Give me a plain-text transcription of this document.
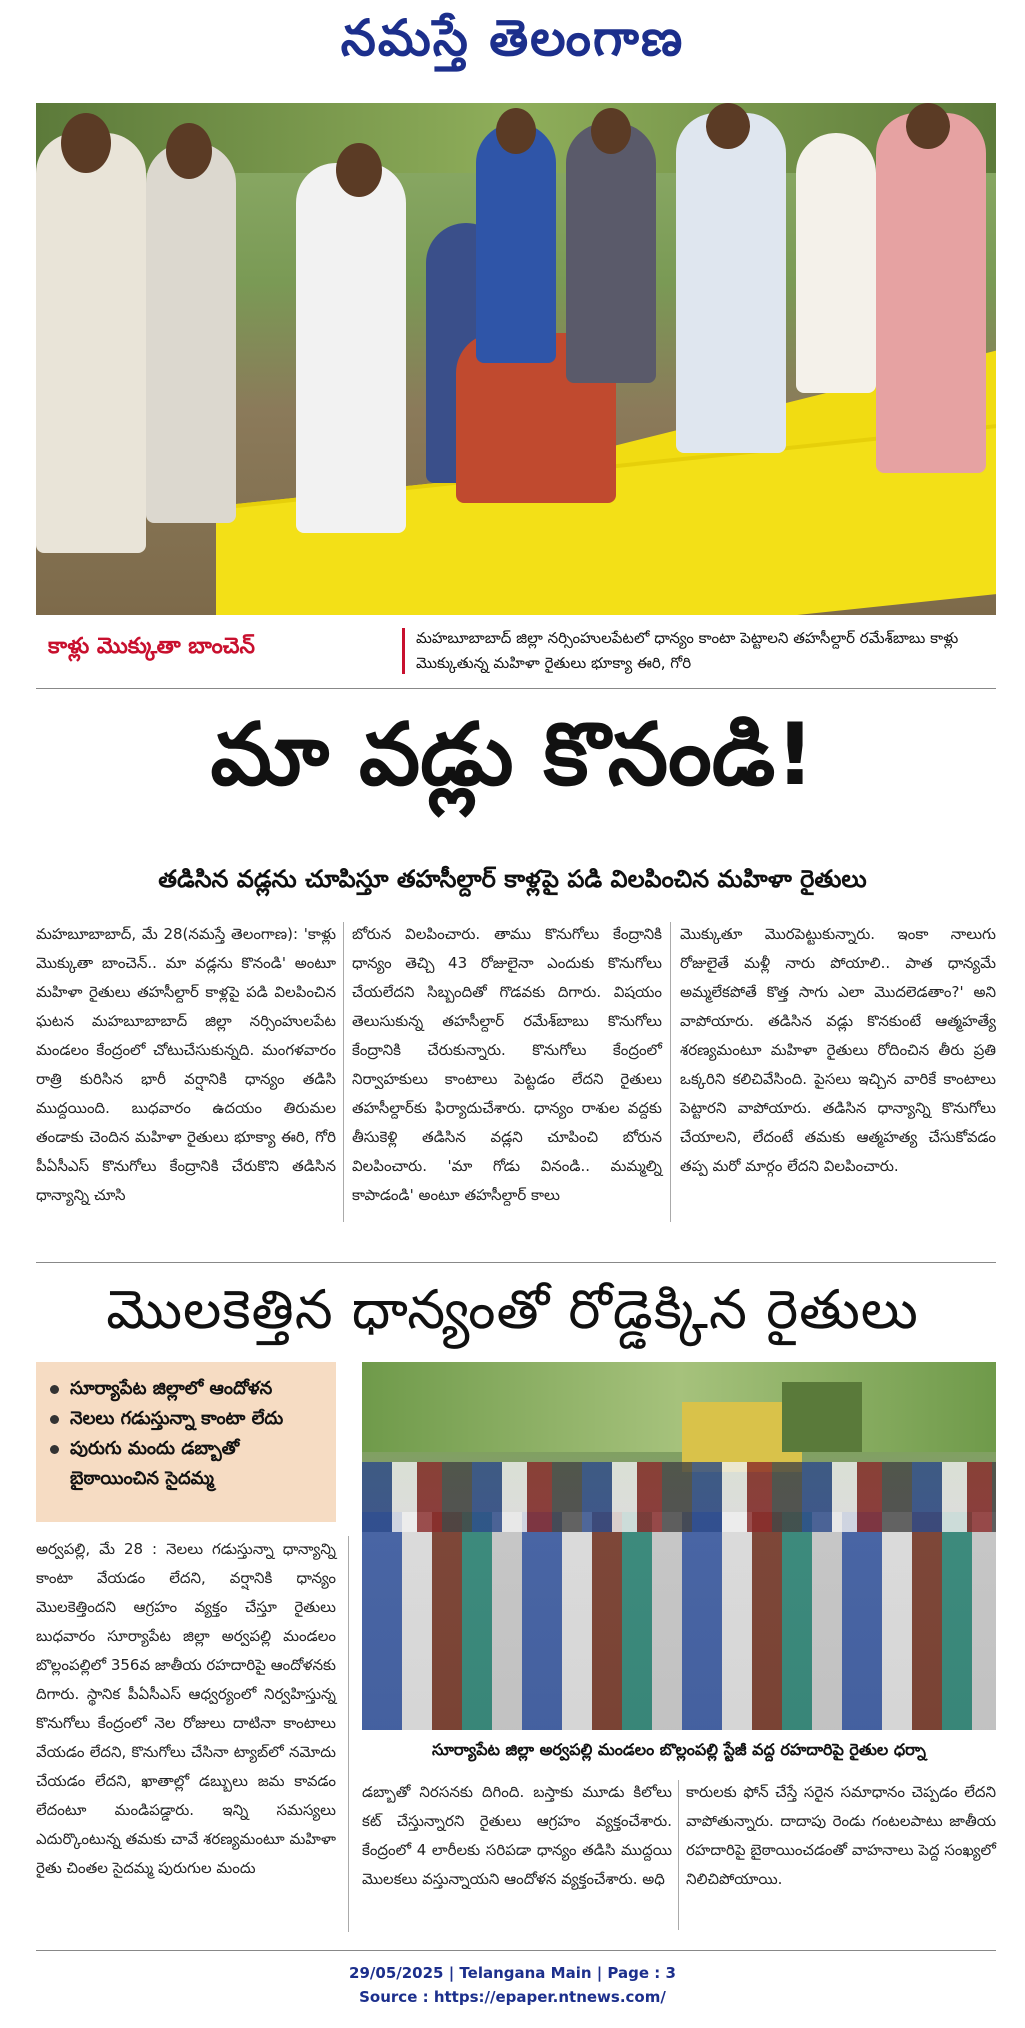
నమస్తే తెలంగాణ
కాళ్లు మొక్కుతా బాంచెన్	మహబూబాబాద్ జిల్లా నర్సింహులపేటలో ధాన్యం కాంటా పెట్టాలని తహసీల్దార్ రమేశ్‌బాబు కాళ్లు మొక్కుతున్న మహిళా రైతులు భూక్యా ఈరి, గోరి
మా వడ్లు కొనండి!
తడిసిన వడ్లను చూపిస్తూ తహసీల్దార్ కాళ్లపై పడి విలపించిన మహిళా రైతులు
మహబూబాబాద్, మే 28(నమస్తే తెలంగాణ): 'కాళ్లు మొక్కుతా బాంచెన్.. మా వడ్లను కొనండి' అంటూ మహిళా రైతులు తహసీల్దార్ కాళ్లపై పడి విలపించిన ఘటన మహబూబాబాద్ జిల్లా నర్సింహులపేట మండలం కేంద్రంలో చోటుచేసుకున్నది. మంగళవారం రాత్రి కురిసిన భారీ వర్షానికి ధాన్యం తడిసి ముద్దయింది. బుధవారం ఉదయం తిరుమల తండాకు చెందిన మహిళా రైతులు భూక్యా ఈరి, గోరి పీఏసీఎస్ కొనుగోలు కేంద్రానికి చేరుకొని తడిసిన ధాన్యాన్ని చూసి
బోరున విలపించారు. తాము కొనుగోలు కేంద్రానికి ధాన్యం తెచ్చి 43 రోజులైనా ఎందుకు కొనుగోలు చేయలేదని సిబ్బందితో గొడవకు దిగారు. విషయం తెలుసుకున్న తహసీల్దార్ రమేశ్‌బాబు కొనుగోలు కేంద్రానికి చేరుకున్నారు. కొనుగోలు కేంద్రంలో నిర్వాహకులు కాంటాలు పెట్టడం లేదని రైతులు తహసీల్దార్‌కు ఫిర్యాదుచేశారు. ధాన్యం రాశుల వద్దకు తీసుకెళ్లి తడిసిన వడ్లని చూపించి బోరున విలపించారు. 'మా గోడు వినండి.. మమ్మల్ని కాపాడండి' అంటూ తహసీల్దార్ కాలు
మొక్కుతూ మొరపెట్టుకున్నారు. ఇంకా నాలుగు రోజులైతే మళ్లీ నారు పోయాలి.. పాత ధాన్యమే అమ్మలేకపోతే కొత్త సాగు ఎలా మొదలెడతాం?' అని వాపోయారు. తడిసిన వడ్లు కొనకుంటే ఆత్మహత్యే శరణ్యమంటూ మహిళా రైతులు రోదించిన తీరు ప్రతి ఒక్కరిని కలిచివేసింది. పైసలు ఇచ్చిన వారికే కాంటాలు పెట్టారని వాపోయారు. తడిసిన ధాన్యాన్ని కొనుగోలు చేయాలని, లేదంటే తమకు ఆత్మహత్య చేసుకోవడం తప్ప మరో మార్గం లేదని విలపించారు.
మొలకెత్తిన ధాన్యంతో రోడ్డెక్కిన రైతులు
సూర్యాపేట జిల్లాలో ఆందోళన
నెలలు గడుస్తున్నా కాంటా లేదు
పురుగు మందు డబ్బాతో బైఠాయించిన సైదమ్మ
సూర్యాపేట జిల్లా అర్వపల్లి మండలం బొల్లంపల్లి స్టేజీ వద్ద రహదారిపై రైతుల ధర్నా
అర్వపల్లి, మే 28 : నెలలు గడుస్తున్నా ధాన్యాన్ని కాంటా వేయడం లేదని, వర్షానికి ధాన్యం మొలకెత్తిందని ఆగ్రహం వ్యక్తం చేస్తూ రైతులు బుధవారం సూర్యాపేట జిల్లా అర్వపల్లి మండలం బొల్లంపల్లిలో 356వ జాతీయ రహదారిపై ఆందోళనకు దిగారు. స్థానిక పీఏసీఎస్ ఆధ్వర్యంలో నిర్వహిస్తున్న కొనుగోలు కేంద్రంలో నెల రోజులు దాటినా కాంటాలు వేయడం లేదని, కొనుగోలు చేసినా ట్యాబ్‌లో నమోదు చేయడం లేదని, ఖాతాల్లో డబ్బులు జమ కావడం లేదంటూ మండిపడ్డారు. ఇన్ని సమస్యలు ఎదుర్కొంటున్న తమకు చావే శరణ్యమంటూ మహిళా రైతు చింతల సైదమ్మ పురుగుల మందు
డబ్బాతో నిరసనకు దిగింది. బస్తాకు మూడు కిలోలు కట్ చేస్తున్నారని రైతులు ఆగ్రహం వ్యక్తంచేశారు. కేంద్రంలో 4 లారీలకు సరిపడా ధాన్యం తడిసి ముద్దయి మొలకలు వస్తున్నాయని ఆందోళన వ్యక్తంచేశారు. అధి
కారులకు ఫోన్ చేస్తే సరైన సమాధానం చెప్పడం లేదని వాపోతున్నారు. దాదాపు రెండు గంటలపాటు జాతీయ రహదారిపై బైఠాయించడంతో వాహనాలు పెద్ద సంఖ్యలో నిలిచిపోయాయి.
29/05/2025 | Telangana Main | Page : 3
Source : https://epaper.ntnews.com/
